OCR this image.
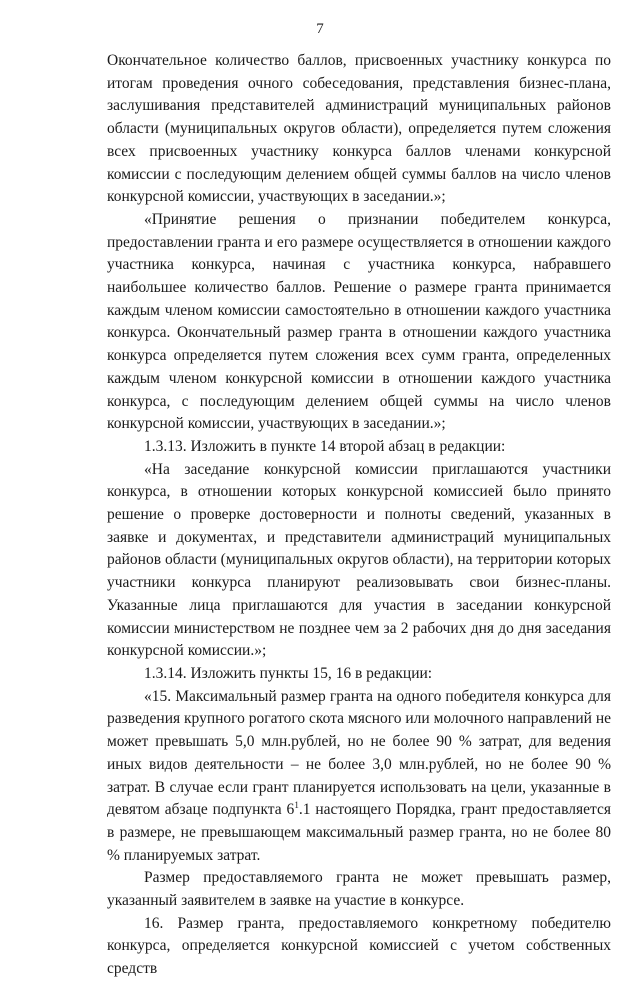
7

Окончательное количество баллов, присвоенных участнику конкурса по итогам проведения очного собеседования, представления бизнес-плана, заслушивания представителей администраций муниципальных районов области (муниципальных округов области), определяется путем сложения всех присвоенных участнику конкурса баллов членами конкурсной комиссии с последующим делением общей суммы баллов на число членов конкурсной комиссии, участвующих в заседании.»;

«Принятие решения о признании победителем конкурса, предоставлении гранта и его размере осуществляется в отношении каждого участника конкурса, начиная с участника конкурса, набравшего наибольшее количество баллов. Решение о размере гранта принимается каждым членом комиссии самостоятельно в отношении каждого участника конкурса. Окончательный размер гранта в отношении каждого участника конкурса определяется путем сложения всех сумм гранта, определенных каждым членом конкурсной комиссии в отношении каждого участника конкурса, с последующим делением общей суммы на число членов конкурсной комиссии, участвующих в заседании.»;

1.3.13. Изложить в пункте 14 второй абзац в редакции:

«На заседание конкурсной комиссии приглашаются участники конкурса, в отношении которых конкурсной комиссией было принято решение о проверке достоверности и полноты сведений, указанных в заявке и документах, и представители администраций муниципальных районов области (муниципальных округов области), на территории которых участники конкурса планируют реализовывать свои бизнес-планы. Указанные лица приглашаются для участия в заседании конкурсной комиссии министерством не позднее чем за 2 рабочих дня до дня заседания конкурсной комиссии.»;

1.3.14. Изложить пункты 15, 16 в редакции:

«15. Максимальный размер гранта на одного победителя конкурса для разведения крупного рогатого скота мясного или молочного направлений не может превышать 5,0 млн.рублей, но не более 90 % затрат, для ведения иных видов деятельности – не более 3,0 млн.рублей, но не более 90 % затрат. В случае если грант планируется использовать на цели, указанные в девятом абзаце подпункта $6^1.1$ настоящего Порядка, грант предоставляется в размере, не превышающем максимальный размер гранта, но не более 80 % планируемых затрат.

Размер предоставляемого гранта не может превышать размер, указанный заявителем в заявке на участие в конкурсе.

16. Размер гранта, предоставляемого конкретному победителю конкурса, определяется конкурсной комиссией с учетом собственных средств
